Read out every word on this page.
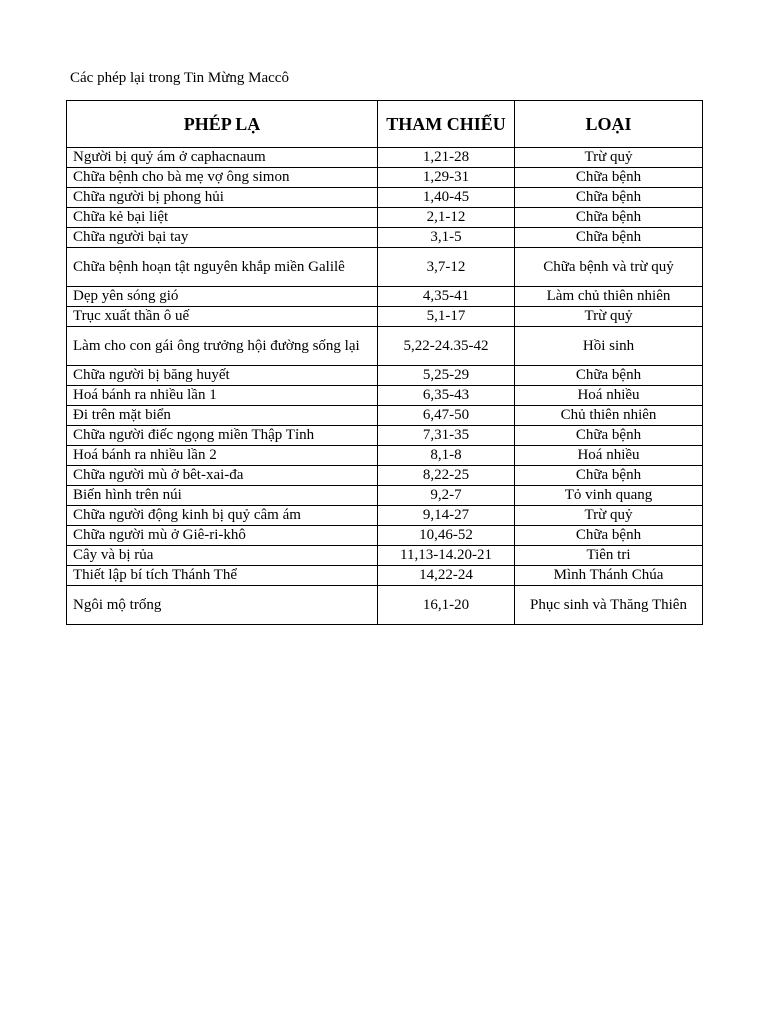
Các phép lại trong Tin Mừng Maccô
PHÉP LẠ	THAM CHIẾU	LOẠI
Người bị quỷ ám ở caphacnaum	1,21-28	Trừ quỷ
Chữa bệnh cho bà mẹ vợ ông simon	1,29-31	Chữa bệnh
Chữa người bị phong hủi	1,40-45	Chữa bệnh
Chữa kẻ bại liệt	2,1-12	Chữa bệnh
Chữa người bại tay	3,1-5	Chữa bệnh
Chữa bệnh hoạn tật nguyên khắp miền Galilê	3,7-12	Chữa bệnh và trừ quỷ
Dẹp yên sóng gió	4,35-41	Làm chủ thiên nhiên
Trục xuất thần ô uế	5,1-17	Trừ quỷ
Làm cho con gái ông trưởng hội đường sống lại	5,22-24.35-42	Hồi sinh
Chữa người bị băng huyết	5,25-29	Chữa bệnh
Hoá bánh ra nhiều lần 1	6,35-43	Hoá nhiều
Đi trên mặt biển	6,47-50	Chủ thiên nhiên
Chữa người điếc ngọng miền Thập Tỉnh	7,31-35	Chữa bệnh
Hoá bánh ra nhiều lần 2	8,1-8	Hoá nhiều
Chữa người mù ở bêt-xai-đa	8,22-25	Chữa bệnh
Biến hình trên núi	9,2-7	Tỏ vinh quang
Chữa người động kinh bị quỷ câm ám	9,14-27	Trừ quỷ
Chữa người mù ở Giê-ri-khô	10,46-52	Chữa bệnh
Cây và bị rủa	11,13-14.20-21	Tiên tri
Thiết lập bí tích Thánh Thể	14,22-24	Mình Thánh Chúa
Ngôi mộ trống	16,1-20	Phục sinh và Thăng Thiên
